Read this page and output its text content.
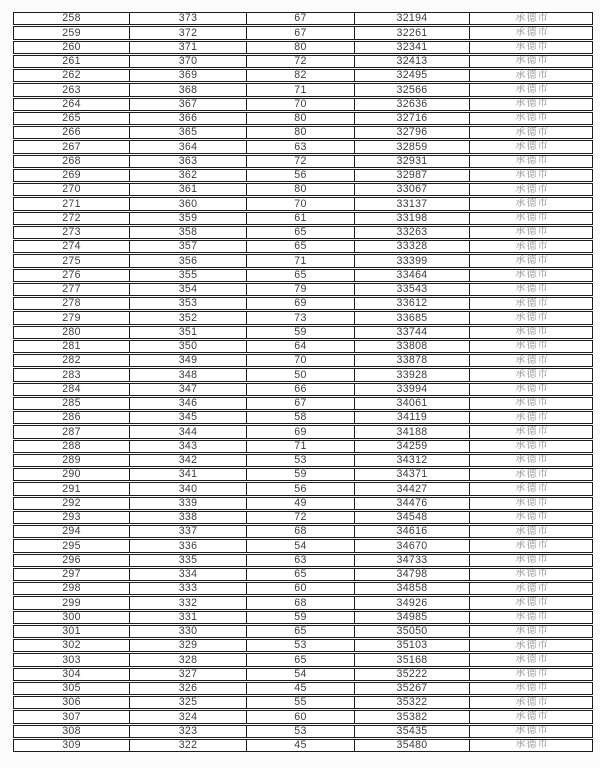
258	373	67	32194	承德市
259	372	67	32261	承德市
260	371	80	32341	承德市
261	370	72	32413	承德市
262	369	82	32495	承德市
263	368	71	32566	承德市
264	367	70	32636	承德市
265	366	80	32716	承德市
266	365	80	32796	承德市
267	364	63	32859	承德市
268	363	72	32931	承德市
269	362	56	32987	承德市
270	361	80	33067	承德市
271	360	70	33137	承德市
272	359	61	33198	承德市
273	358	65	33263	承德市
274	357	65	33328	承德市
275	356	71	33399	承德市
276	355	65	33464	承德市
277	354	79	33543	承德市
278	353	69	33612	承德市
279	352	73	33685	承德市
280	351	59	33744	承德市
281	350	64	33808	承德市
282	349	70	33878	承德市
283	348	50	33928	承德市
284	347	66	33994	承德市
285	346	67	34061	承德市
286	345	58	34119	承德市
287	344	69	34188	承德市
288	343	71	34259	承德市
289	342	53	34312	承德市
290	341	59	34371	承德市
291	340	56	34427	承德市
292	339	49	34476	承德市
293	338	72	34548	承德市
294	337	68	34616	承德市
295	336	54	34670	承德市
296	335	63	34733	承德市
297	334	65	34798	承德市
298	333	60	34858	承德市
299	332	68	34926	承德市
300	331	59	34985	承德市
301	330	65	35050	承德市
302	329	53	35103	承德市
303	328	65	35168	承德市
304	327	54	35222	承德市
305	326	45	35267	承德市
306	325	55	35322	承德市
307	324	60	35382	承德市
308	323	53	35435	承德市
309	322	45	35480	承德市
